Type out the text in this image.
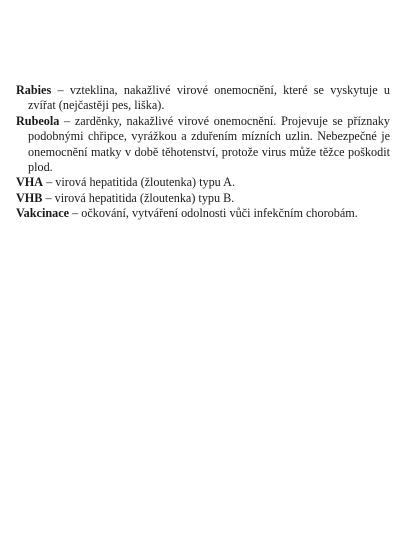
Rabies – vzteklina, nakažlivé virové onemocnění, které se vyskytuje u zvířat (nejčastěji pes, liška).

Rubeola – zarděnky, nakažlivé virové onemocnění. Projevuje se příznaky podobnými chřipce, vyrážkou a zduřením mízních uzlin. Nebezpečné je onemocnění matky v době těhotenství, protože virus může těžce poškodit plod.

VHA – virová hepatitida (žloutenka) typu A.

VHB – virová hepatitida (žloutenka) typu B.

Vakcinace – očkování, vytváření odolnosti vůči infekčním chorobám.
